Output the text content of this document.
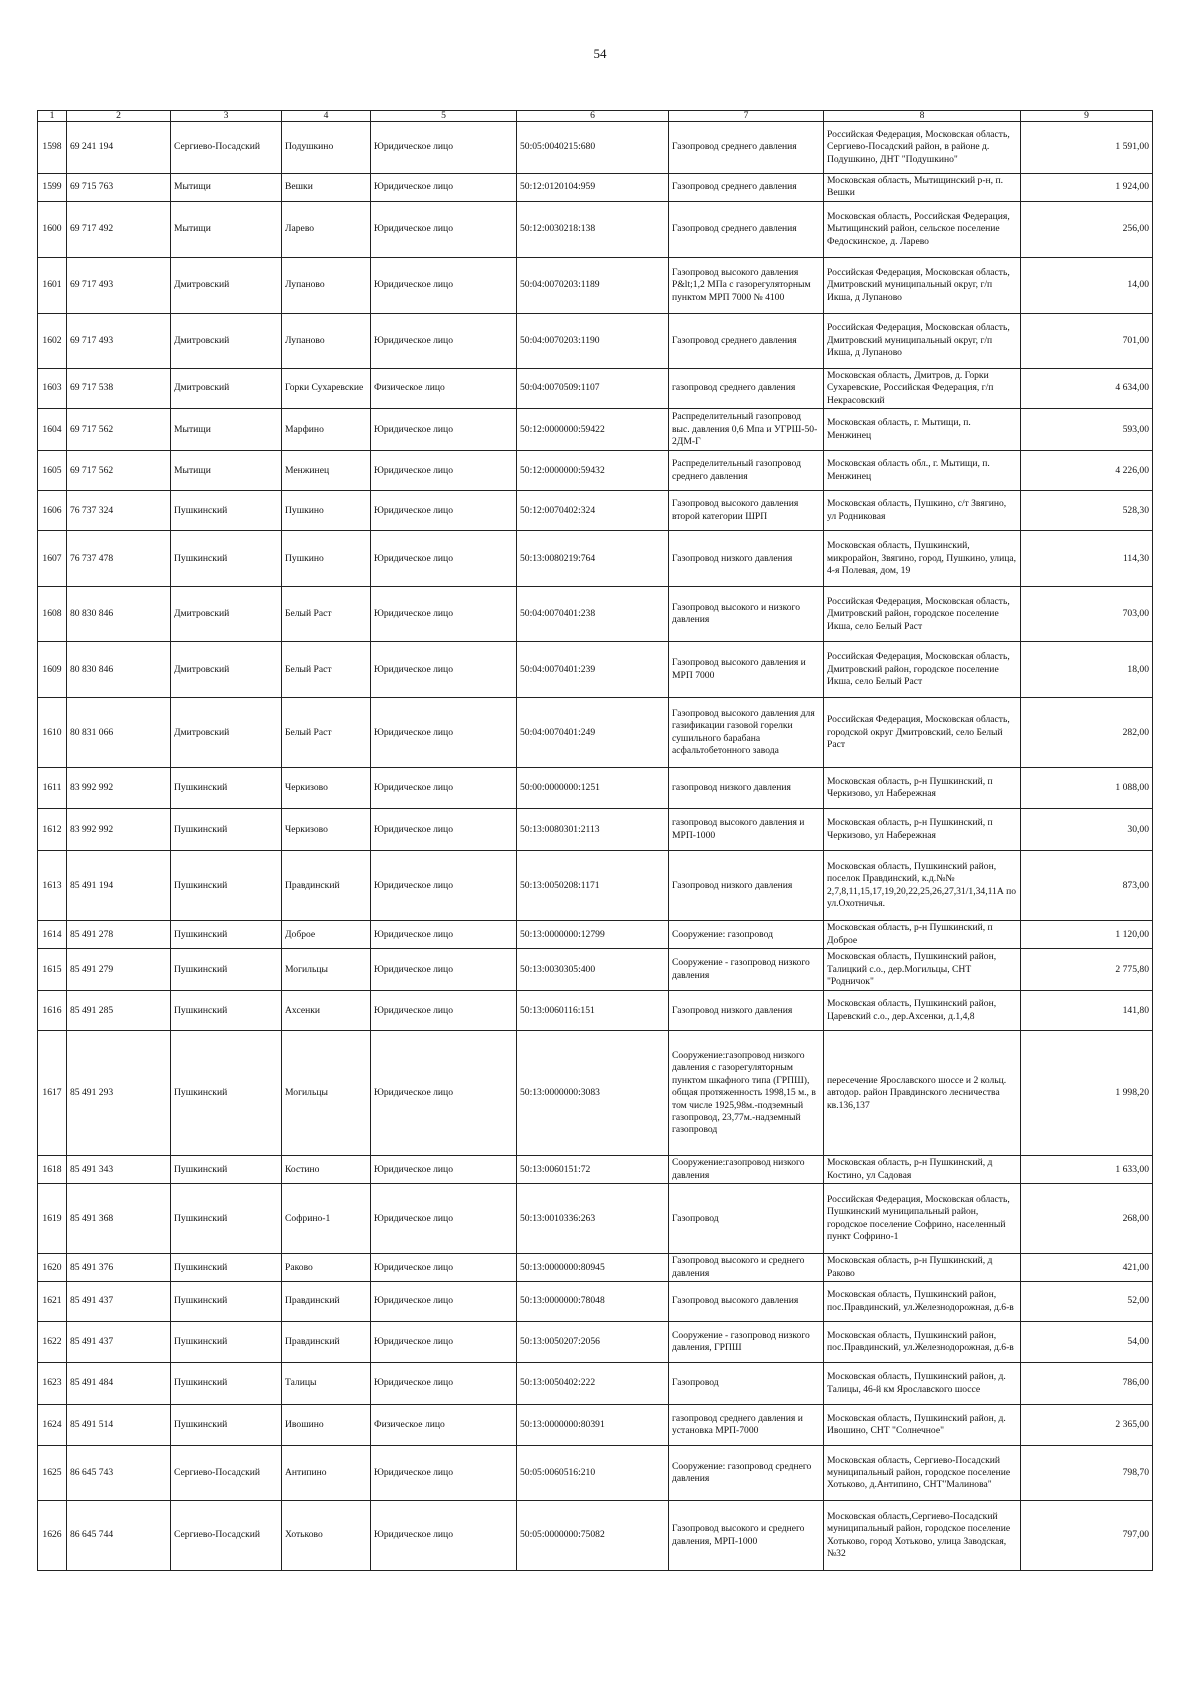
54
1	2	3	4	5	6	7	8	9
1598	69 241 194	Сергиево-Посадский	Подушкино	Юридическое лицо	50:05:0040215:680	Газопровод среднего давления	Российская Федерация, Московская область, Сергиево-Посадский район, в районе д. Подушкино, ДНТ "Подушкино"	1 591,00
1599	69 715 763	Мытищи	Вешки	Юридическое лицо	50:12:0120104:959	Газопровод среднего давления	Московская область, Мытищинский р-н, п. Вешки	1 924,00
1600	69 717 492	Мытищи	Ларево	Юридическое лицо	50:12:0030218:138	Газопровод среднего давления	Московская область, Российская Федерация, Мытищинский район, сельское поселение Федоскинское, д. Ларево	256,00
1601	69 717 493	Дмитровский	Лупаново	Юридическое лицо	50:04:0070203:1189	Газопровод высокого давления P&lt;1,2 МПа с газорегуляторным пунктом МРП 7000 № 4100	Российская Федерация, Московская область, Дмитровский муниципальный округ, г/п Икша, д Лупаново	14,00
1602	69 717 493	Дмитровский	Лупаново	Юридическое лицо	50:04:0070203:1190	Газопровод среднего давления	Российская Федерация, Московская область, Дмитровский муниципальный округ, г/п Икша, д Лупаново	701,00
1603	69 717 538	Дмитровский	Горки Сухаревские	Физическое лицо	50:04:0070509:1107	газопровод среднего давления	Московская область, Дмитров, д. Горки Сухаревские, Российская Федерация, г/п Некрасовский	4 634,00
1604	69 717 562	Мытищи	Марфино	Юридическое лицо	50:12:0000000:59422	Распределительный газопровод выс. давления 0,6 Мпа и УГРШ-50-2ДМ-Г	Московская область, г. Мытищи, п. Менжинец	593,00
1605	69 717 562	Мытищи	Менжинец	Юридическое лицо	50:12:0000000:59432	Распределительный газопровод среднего давления	Московская область обл., г. Мытищи, п. Менжинец	4 226,00
1606	76 737 324	Пушкинский	Пушкино	Юридическое лицо	50:12:0070402:324	Газопровод высокого давления второй категории ШРП	Московская область, Пушкино, с/т Звягино, ул Родниковая	528,30
1607	76 737 478	Пушкинский	Пушкино	Юридическое лицо	50:13:0080219:764	Газопровод низкого давления	Московская область, Пушкинский, микрорайон, Звягино, город, Пушкино, улица, 4-я Полевая, дом, 19	114,30
1608	80 830 846	Дмитровский	Белый Раст	Юридическое лицо	50:04:0070401:238	Газопровод высокого и низкого давления	Российская Федерация, Московская область, Дмитровский район, городское поселение Икша, село Белый Раст	703,00
1609	80 830 846	Дмитровский	Белый Раст	Юридическое лицо	50:04:0070401:239	Газопровод высокого давления и МРП 7000	Российская Федерация, Московская область, Дмитровский район, городское поселение Икша, село Белый Раст	18,00
1610	80 831 066	Дмитровский	Белый Раст	Юридическое лицо	50:04:0070401:249	Газопровод высокого давления для газификации газовой горелки сушильного барабана асфальтобетонного завода	Российская Федерация, Московская область, городской округ Дмитровский, село Белый Раст	282,00
1611	83 992 992	Пушкинский	Черкизово	Юридическое лицо	50:00:0000000:1251	газопровод низкого давления	Московская область, р-н Пушкинский, п Черкизово, ул Набережная	1 088,00
1612	83 992 992	Пушкинский	Черкизово	Юридическое лицо	50:13:0080301:2113	газопровод высокого давления и МРП-1000	Московская область, р-н Пушкинский, п Черкизово, ул Набережная	30,00
1613	85 491 194	Пушкинский	Правдинский	Юридическое лицо	50:13:0050208:1171	Газопровод низкого давления	Московская область, Пушкинский район, поселок Правдинский, к.д.№№ 2,7,8,11,15,17,19,20,22,25,26,27,31/1,34,11А по ул.Охотничья.	873,00
1614	85 491 278	Пушкинский	Доброе	Юридическое лицо	50:13:0000000:12799	Сооружение: газопровод	Московская область, р-н Пушкинский, п Доброе	1 120,00
1615	85 491 279	Пушкинский	Могильцы	Юридическое лицо	50:13:0030305:400	Сооружение - газопровод низкого давления	Московская область, Пушкинский район, Талицкий с.о., дер.Могильцы, СНТ "Родничок"	2 775,80
1616	85 491 285	Пушкинский	Ахсенки	Юридическое лицо	50:13:0060116:151	Газопровод низкого давления	Московская область, Пушкинский район, Царевский с.о., дер.Ахсенки, д.1,4,8	141,80
1617	85 491 293	Пушкинский	Могильцы	Юридическое лицо	50:13:0000000:3083	Сооружение:газопровод низкого давления с газорегуляторным пунктом шкафного типа (ГРПШ), общая протяженность 1998,15 м., в том числе 1925,98м.-подземный газопровод, 23,77м.-надземный газопровод	пересечение Ярославского шоссе и 2 кольц. автодор. район Правдинского лесничества кв.136,137	1 998,20
1618	85 491 343	Пушкинский	Костино	Юридическое лицо	50:13:0060151:72	Сооружение:газопровод низкого давления	Московская область, р-н Пушкинский, д Костино, ул Садовая	1 633,00
1619	85 491 368	Пушкинский	Софрино-1	Юридическое лицо	50:13:0010336:263	Газопровод	Российская Федерация, Московская область, Пушкинский муниципальный район, городское поселение Софрино, населенный пункт Софрино-1	268,00
1620	85 491 376	Пушкинский	Раково	Юридическое лицо	50:13:0000000:80945	Газопровод высокого и среднего давления	Московская область, р-н Пушкинский, д Раково	421,00
1621	85 491 437	Пушкинский	Правдинский	Юридическое лицо	50:13:0000000:78048	Газопровод высокого давления	Московская область, Пушкинский район, пос.Правдинский, ул.Железнодорожная, д.6-в	52,00
1622	85 491 437	Пушкинский	Правдинский	Юридическое лицо	50:13:0050207:2056	Сооружение - газопровод низкого давления, ГРПШ	Московская область, Пушкинский район, пос.Правдинский, ул.Железнодорожная, д.6-в	54,00
1623	85 491 484	Пушкинский	Талицы	Юридическое лицо	50:13:0050402:222	Газопровод	Московская область, Пушкинский район, д. Талицы, 46-й км Ярославского шоссе	786,00
1624	85 491 514	Пушкинский	Ивошино	Физическое лицо	50:13:0000000:80391	газопровод среднего давления и установка МРП-7000	Московская область, Пушкинский район, д. Ивошино, СНТ "Солнечное"	2 365,00
1625	86 645 743	Сергиево-Посадский	Антипино	Юридическое лицо	50:05:0060516:210	Сооружение: газопровод среднего давления	Московская область, Сергиево-Посадский муниципальный район, городское поселение Хотьково, д.Антипино, СНТ"Малинова"	798,70
1626	86 645 744	Сергиево-Посадский	Хотьково	Юридическое лицо	50:05:0000000:75082	Газопровод высокого и среднего давления, МРП-1000	Московская область,Сергиево-Посадский муниципальный район, городское поселение Хотьково, город Хотьково, улица Заводская, №32	797,00
